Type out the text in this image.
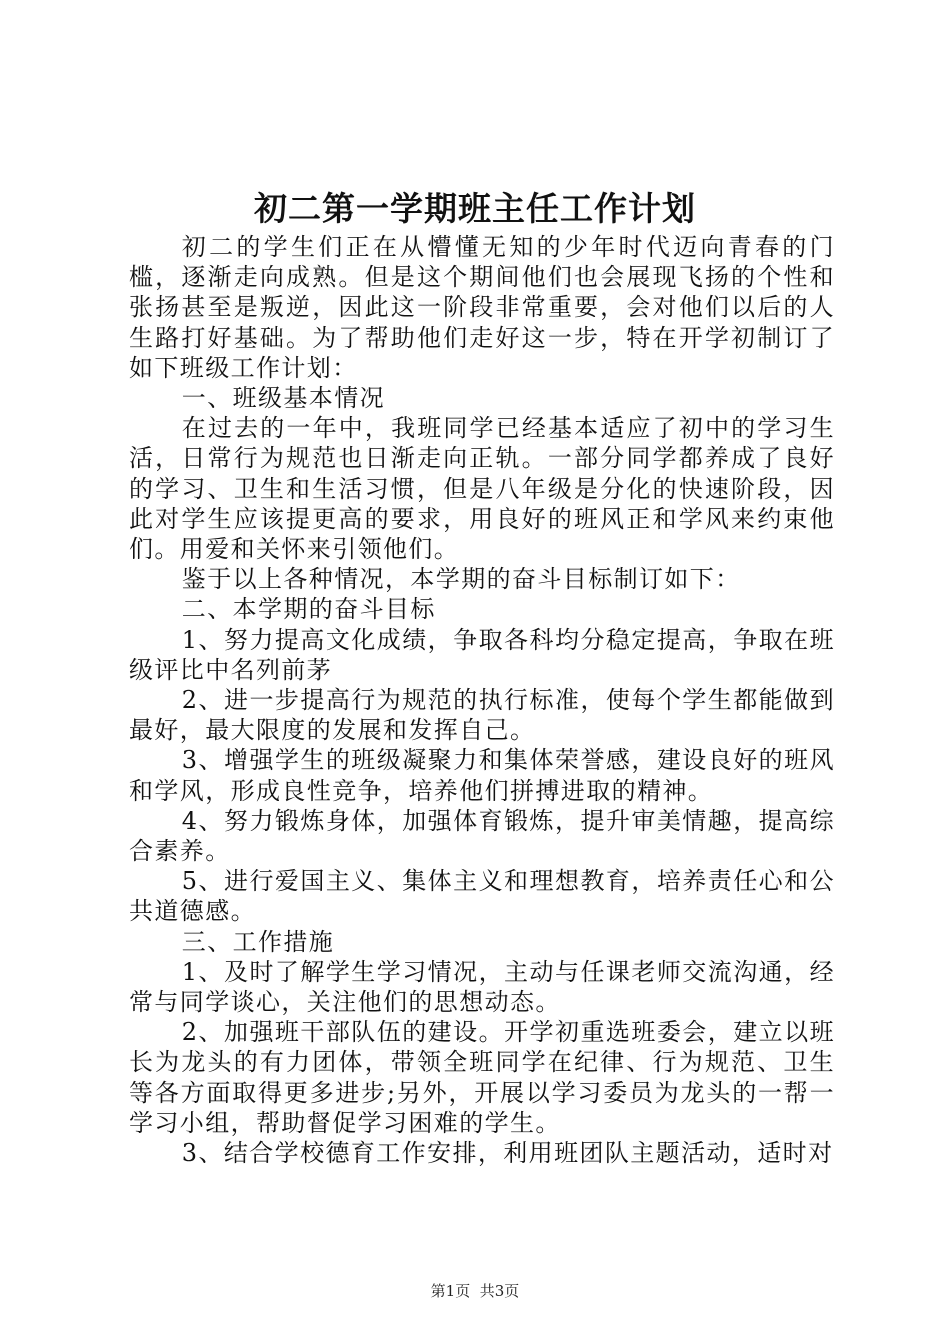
初二第一学期班主任工作计划

初二的学生们正在从懵懂无知的少年时代迈向青春的门槛，逐渐走向成熟。但是这个期间他们也会展现飞扬的个性和张扬甚至是叛逆，因此这一阶段非常重要，会对他们以后的人生路打好基础。为了帮助他们走好这一步，特在开学初制订了如下班级工作计划：

一、班级基本情况

在过去的一年中，我班同学已经基本适应了初中的学习生活，日常行为规范也日渐走向正轨。一部分同学都养成了良好的学习、卫生和生活习惯，但是八年级是分化的快速阶段，因此对学生应该提更高的要求，用良好的班风正和学风来约束他们。用爱和关怀来引领他们。

鉴于以上各种情况，本学期的奋斗目标制订如下：

二、本学期的奋斗目标

1、努力提高文化成绩，争取各科均分稳定提高，争取在班级评比中名列前茅

2、进一步提高行为规范的执行标准，使每个学生都能做到最好，最大限度的发展和发挥自己。

3、增强学生的班级凝聚力和集体荣誉感，建设良好的班风和学风，形成良性竞争，培养他们拼搏进取的精神。

4、努力锻炼身体，加强体育锻炼，提升审美情趣，提高综合素养。

5、进行爱国主义、集体主义和理想教育，培养责任心和公共道德感。

三、工作措施

1、及时了解学生学习情况，主动与任课老师交流沟通，经常与同学谈心，关注他们的思想动态。

2、加强班干部队伍的建设。开学初重选班委会，建立以班长为龙头的有力团体，带领全班同学在纪律、行为规范、卫生等各方面取得更多进步;另外，开展以学习委员为龙头的一帮一学习小组，帮助督促学习困难的学生。

3、结合学校德育工作安排，利用班团队主题活动，适时对

第1页 共3页
